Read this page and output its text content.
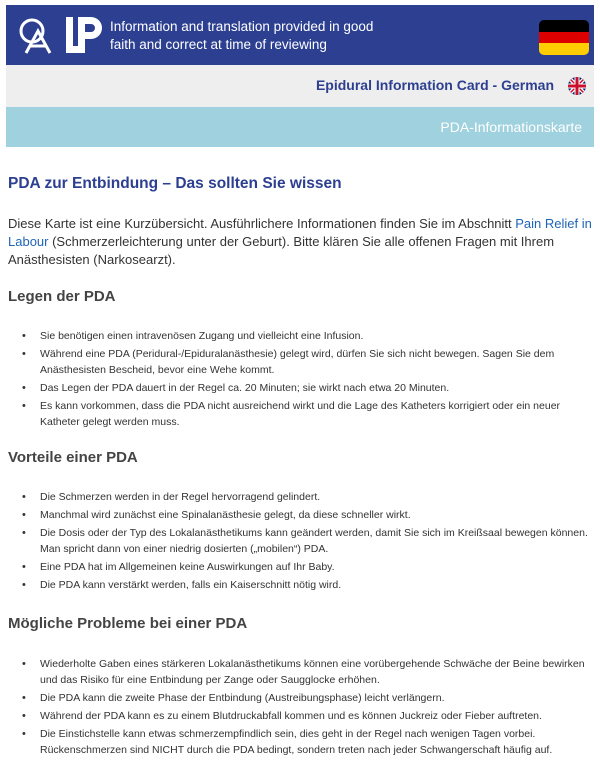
Information and translation provided in good
faith and correct at time of reviewing
Epidural Information Card - German
PDA-Informationskarte
PDA zur Entbindung – Das sollten Sie wissen

Diese Karte ist eine Kurzübersicht. Ausführlichere Informationen finden Sie im Abschnitt Pain Relief in Labour (Schmerzerleichterung unter der Geburt). Bitte klären Sie alle offenen Fragen mit Ihrem Anästhesisten (Narkosearzt).

Legen der PDA
• Sie benötigen einen intravenösen Zugang und vielleicht eine Infusion.
• Während eine PDA (Peridural-/Epiduralanästhesie) gelegt wird, dürfen Sie sich nicht bewegen. Sagen Sie dem Anästhesisten Bescheid, bevor eine Wehe kommt.
• Das Legen der PDA dauert in der Regel ca. 20 Minuten; sie wirkt nach etwa 20 Minuten.
• Es kann vorkommen, dass die PDA nicht ausreichend wirkt und die Lage des Katheters korrigiert oder ein neuer Katheter gelegt werden muss.
Vorteile einer PDA
• Die Schmerzen werden in der Regel hervorragend gelindert.
• Manchmal wird zunächst eine Spinalanästhesie gelegt, da diese schneller wirkt.
• Die Dosis oder der Typ des Lokalanästhetikums kann geändert werden, damit Sie sich im Kreißsaal bewegen können. Man spricht dann von einer niedrig dosierten („mobilen“) PDA.
• Eine PDA hat im Allgemeinen keine Auswirkungen auf Ihr Baby.
• Die PDA kann verstärkt werden, falls ein Kaiserschnitt nötig wird.
Mögliche Probleme bei einer PDA
• Wiederholte Gaben eines stärkeren Lokalanästhetikums können eine vorübergehende Schwäche der Beine bewirken und das Risiko für eine Entbindung per Zange oder Saugglocke erhöhen.
• Die PDA kann die zweite Phase der Entbindung (Austreibungsphase) leicht verlängern.
• Während der PDA kann es zu einem Blutdruckabfall kommen und es können Juckreiz oder Fieber auftreten.
• Die Einstichstelle kann etwas schmerzempfindlich sein, dies geht in der Regel nach wenigen Tagen vorbei. Rückenschmerzen sind NICHT durch die PDA bedingt, sondern treten nach jeder Schwangerschaft häufig auf.
